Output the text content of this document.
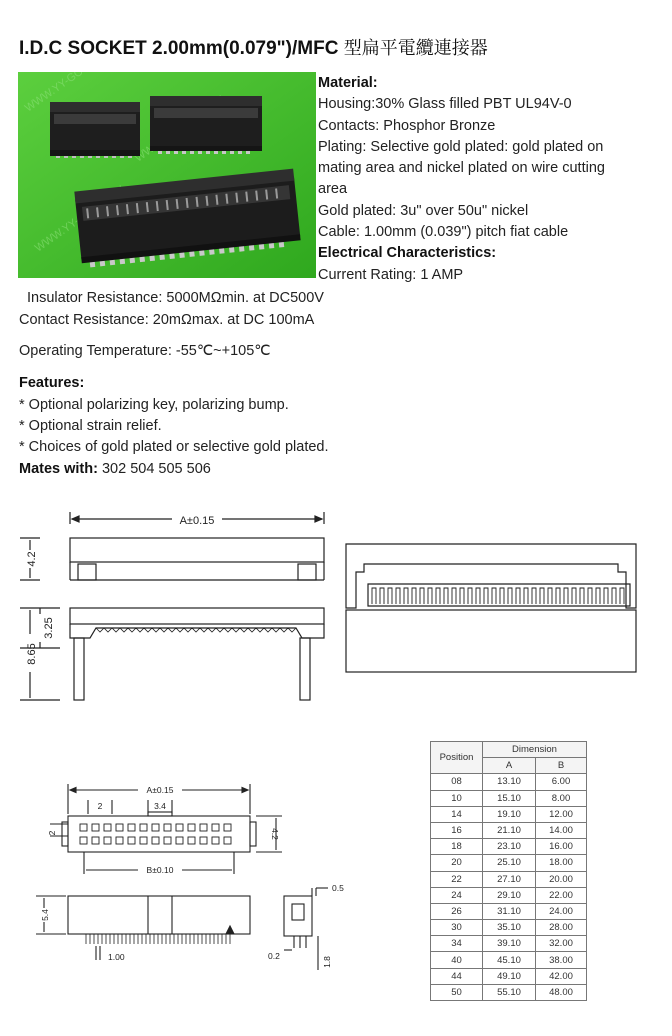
I.D.C SOCKET 2.00mm(0.079")/MFC 型扁平電纜連接器
Material:
Housing:30% Glass filled PBT UL94V-0
Contacts: Phosphor Bronze
Plating: Selective gold plated: gold plated on
mating area and nickel plated on wire cutting
area
Gold plated: 3u" over 50u" nickel
Cable: 1.00mm (0.039") pitch fiat cable
Electrical Characteristics:
Current Rating: 1 AMP
Insulator Resistance: 5000MΩmin. at DC500V
Contact Resistance: 20mΩmax. at DC 100mA
Operating Temperature: -55℃~+105℃
Features:
* Optional polarizing key, polarizing bump.
* Optional strain relief.
* Choices of gold plated or selective gold plated.
Mates with: 302 504 505 506
A±0.15
4.2
3.25
8.65
A±0.15
2	3.4
2	4.2
B±0.10
5.4
1.00
0.5
0.2
1.8
Position	Dimension	
	A	B
08	13.10	6.00
10	15.10	8.00
14	19.10	12.00
16	21.10	14.00
18	23.10	16.00
20	25.10	18.00
22	27.10	20.00
24	29.10	22.00
26	31.10	24.00
30	35.10	28.00
34	39.10	32.00
40	45.10	38.00
44	49.10	42.00
50	55.10	48.00
